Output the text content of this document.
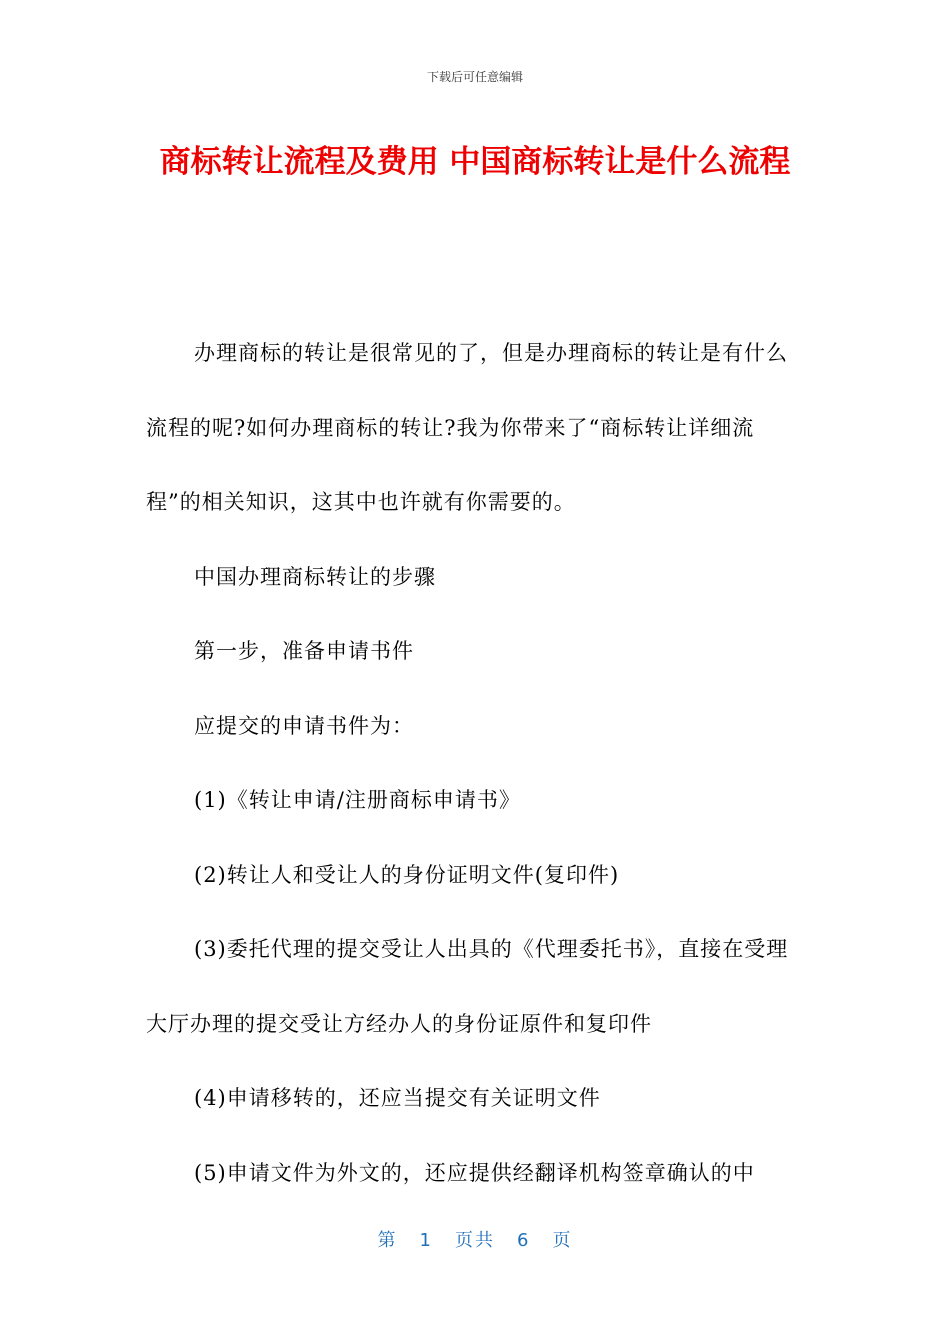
下载后可任意编辑
商标转让流程及费用 中国商标转让是什么流程

办理商标的转让是很常见的了，但是办理商标的转让是有什么流程的呢?如何办理商标的转让?我为你带来了“商标转让详细流程”的相关知识，这其中也许就有你需要的。

中国办理商标转让的步骤

第一步，准备申请书件

应提交的申请书件为：

(1)《转让申请/注册商标申请书》

(2)转让人和受让人的身份证明文件(复印件)

(3)委托代理的提交受让人出具的《代理委托书》，直接在受理大厅办理的提交受让方经办人的身份证原件和复印件

(4)申请移转的，还应当提交有关证明文件

(5)申请文件为外文的，还应提供经翻译机构签章确认的中

第 1 页共 6 页
